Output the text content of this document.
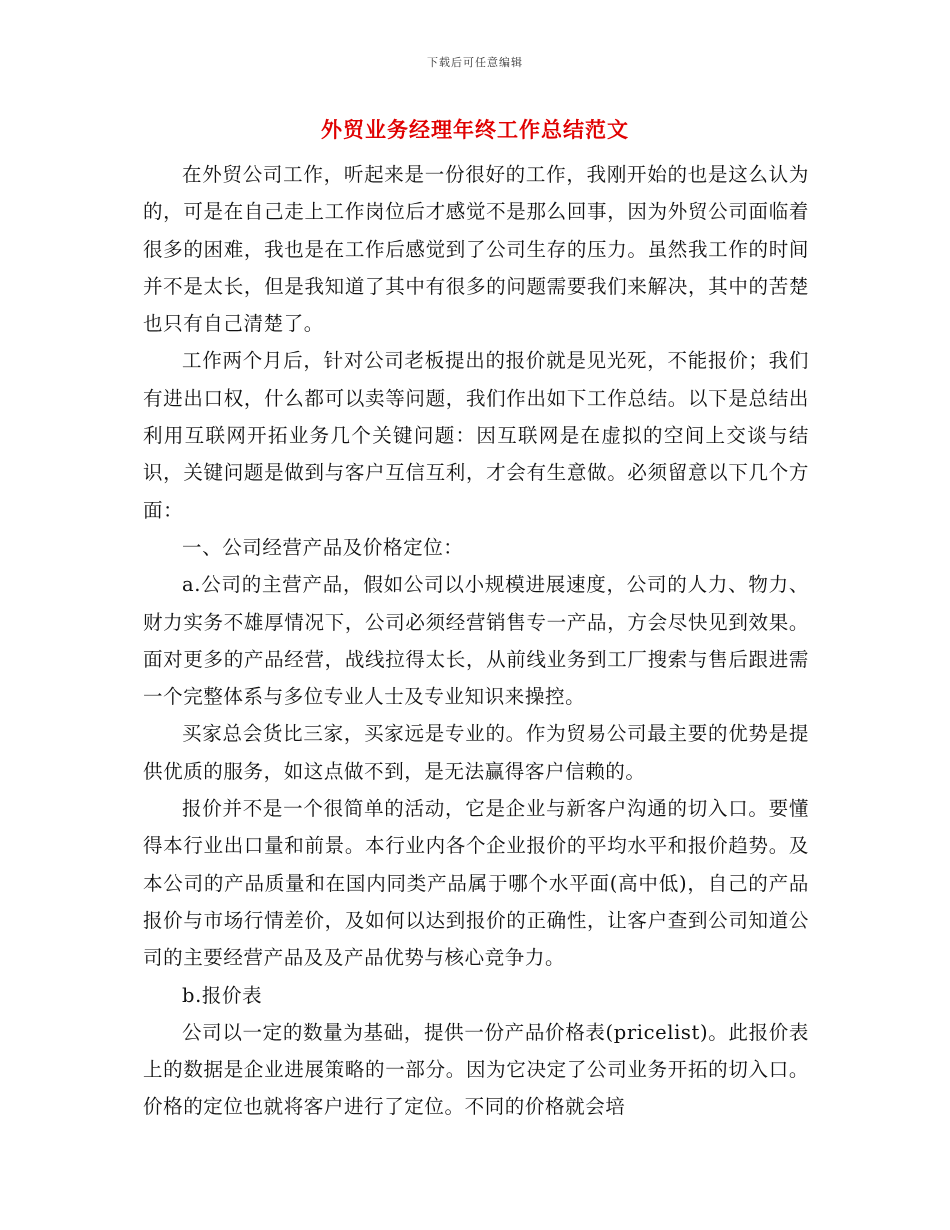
下载后可任意编辑
外贸业务经理年终工作总结范文

在外贸公司工作，听起来是一份很好的工作，我刚开始的也是这么认为的，可是在自己走上工作岗位后才感觉不是那么回事，因为外贸公司面临着很多的困难，我也是在工作后感觉到了公司生存的压力。虽然我工作的时间并不是太长，但是我知道了其中有很多的问题需要我们来解决，其中的苦楚也只有自己清楚了。

工作两个月后，针对公司老板提出的报价就是见光死，不能报价；我们有进出口权，什么都可以卖等问题，我们作出如下工作总结。以下是总结出利用互联网开拓业务几个关键问题：因互联网是在虚拟的空间上交谈与结识，关键问题是做到与客户互信互利，才会有生意做。必须留意以下几个方面：

一、公司经营产品及价格定位：

a.公司的主营产品，假如公司以小规模进展速度，公司的人力、物力、财力实务不雄厚情况下，公司必须经营销售专一产品，方会尽快见到效果。面对更多的产品经营，战线拉得太长，从前线业务到工厂搜索与售后跟进需一个完整体系与多位专业人士及专业知识来操控。

买家总会货比三家，买家远是专业的。作为贸易公司最主要的优势是提供优质的服务，如这点做不到，是无法赢得客户信赖的。

报价并不是一个很简单的活动，它是企业与新客户沟通的切入口。要懂得本行业出口量和前景。本行业内各个企业报价的平均水平和报价趋势。及本公司的产品质量和在国内同类产品属于哪个水平面(高中低)，自己的产品报价与市场行情差价，及如何以达到报价的正确性，让客户查到公司知道公司的主要经营产品及及产品优势与核心竞争力。

b.报价表

公司以一定的数量为基础，提供一份产品价格表(pricelist)。此报价表上的数据是企业进展策略的一部分。因为它决定了公司业务开拓的切入口。价格的定位也就将客户进行了定位。不同的价格就会培
